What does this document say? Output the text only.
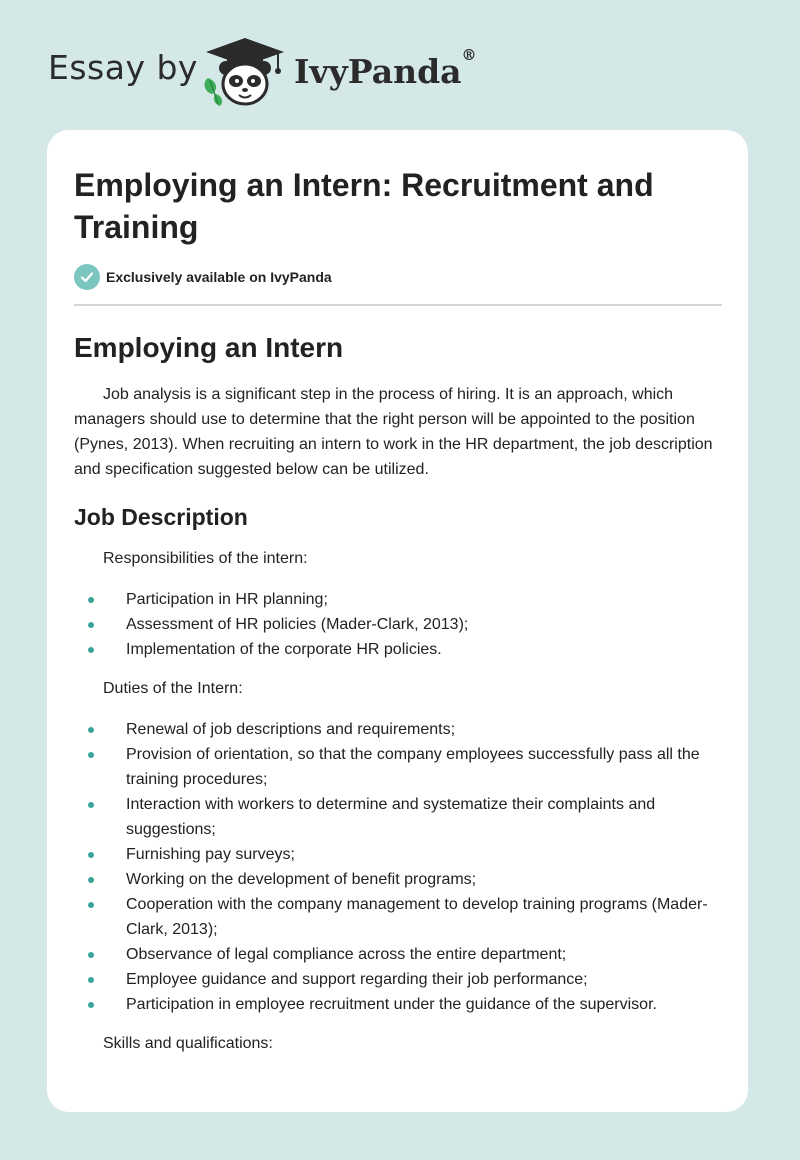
Essay by	IvyPanda®
Employing an Intern: Recruitment and Training
Exclusively available on IvyPanda
Employing an Intern

Job analysis is a significant step in the process of hiring. It is an approach, which managers should use to determine that the right person will be appointed to the position (Pynes, 2013). When recruiting an intern to work in the HR department, the job description and specification suggested below can be utilized.

Job Description

Responsibilities of the intern:

Participation in HR planning;
Assessment of HR policies (Mader-Clark, 2013);
Implementation of the corporate HR policies.

Duties of the Intern:

Renewal of job descriptions and requirements;
Provision of orientation, so that the company employees successfully pass all the training procedures;
Interaction with workers to determine and systematize their complaints and suggestions;
Furnishing pay surveys;
Working on the development of benefit programs;
Cooperation with the company management to develop training programs (Mader-Clark, 2013);
Observance of legal compliance across the entire department;
Employee guidance and support regarding their job performance;
Participation in employee recruitment under the guidance of the supervisor.

Skills and qualifications:
